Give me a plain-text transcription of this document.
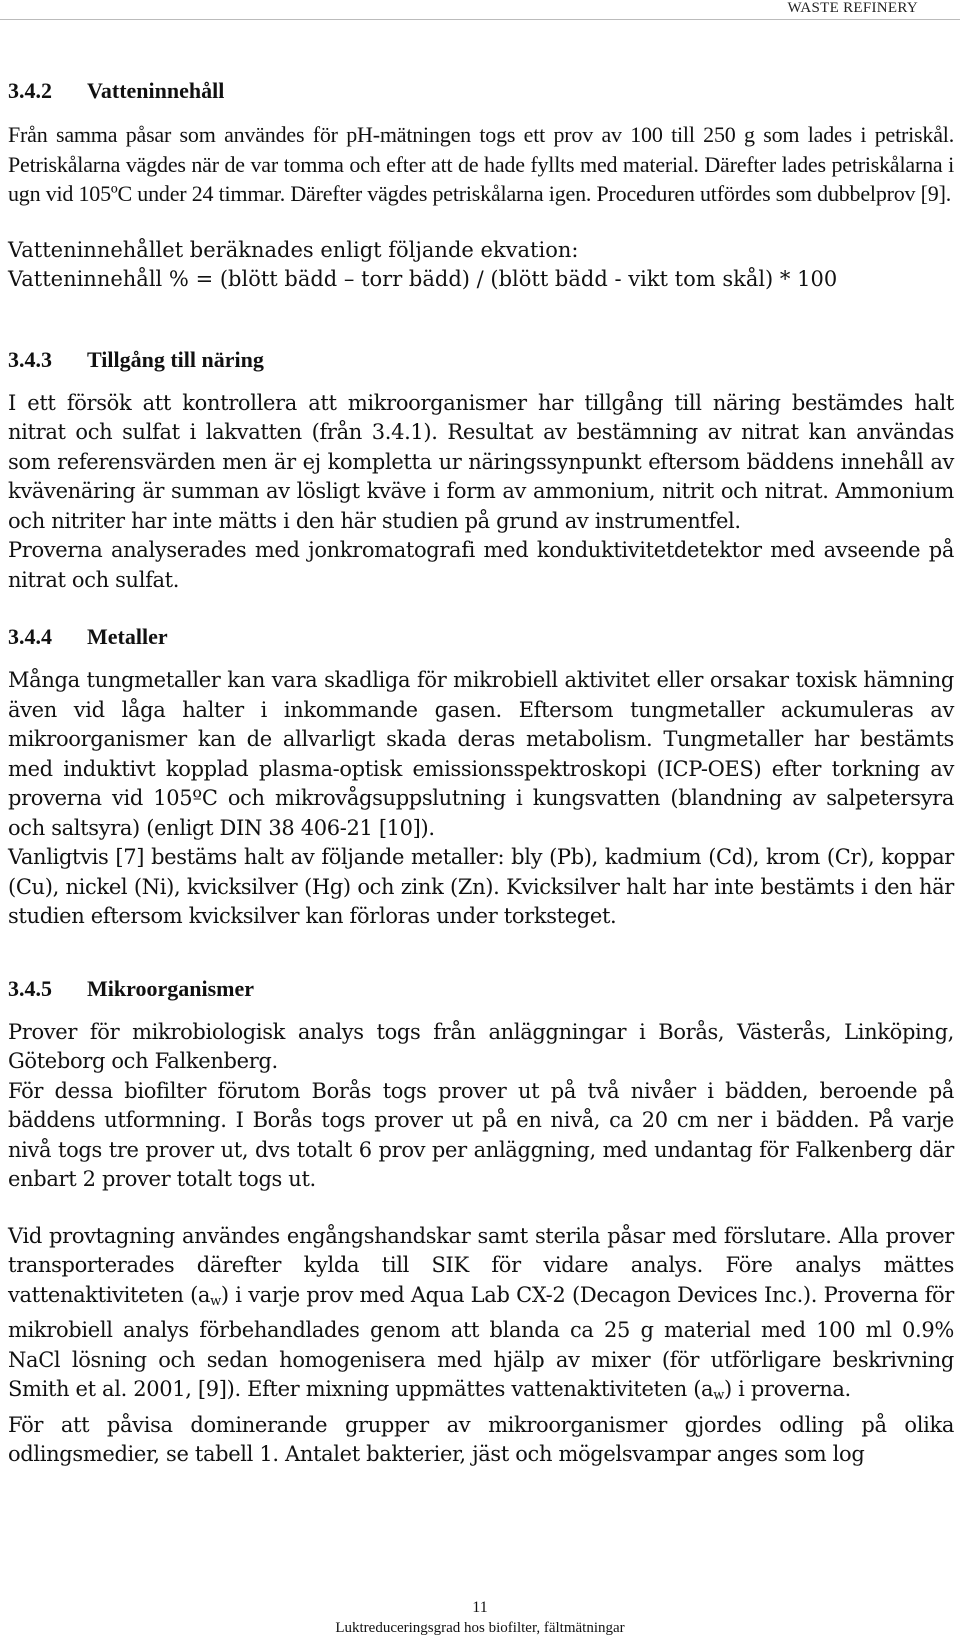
WASTE REFINERY
3.4.2 Vatteninnehåll

Från samma påsar som användes för pH-mätningen togs ett prov av 100 till 250 g som lades i petriskål. Petriskålarna vägdes när de var tomma och efter att de hade fyllts med material. Därefter lades petriskålarna i ugn vid 105ºC under 24 timmar. Därefter vägdes petriskålarna igen. Proceduren utfördes som dubbelprov [9].

Vatteninnehållet beräknades enligt följande ekvation:

Vatteninnehåll % = (blött bädd – torr bädd) / (blött bädd - vikt tom skål) * 100

3.4.3 Tillgång till näring

I ett försök att kontrollera att mikroorganismer har tillgång till näring bestämdes halt nitrat och sulfat i lakvatten (från 3.4.1). Resultat av bestämning av nitrat kan användas som referensvärden men är ej kompletta ur näringssynpunkt eftersom bäddens innehåll av kvävenäring är summan av lösligt kväve i form av ammonium, nitrit och nitrat. Ammonium och nitriter har inte mätts i den här studien på grund av instrumentfel.

Proverna analyserades med jonkromatografi med konduktivitetdetektor med avseende på nitrat och sulfat.

3.4.4 Metaller

Många tungmetaller kan vara skadliga för mikrobiell aktivitet eller orsakar toxisk hämning även vid låga halter i inkommande gasen. Eftersom tungmetaller ackumuleras av mikroorganismer kan de allvarligt skada deras metabolism. Tungmetaller har bestämts med induktivt kopplad plasma-optisk emissionsspektroskopi (ICP-OES) efter torkning av proverna vid 105ºC och mikrovågsuppslutning i kungsvatten (blandning av salpetersyra och saltsyra) (enligt DIN 38 406-21 [10]).

Vanligtvis [7] bestäms halt av följande metaller: bly (Pb), kadmium (Cd), krom (Cr), koppar (Cu), nickel (Ni), kvicksilver (Hg) och zink (Zn). Kvicksilver halt har inte bestämts i den här studien eftersom kvicksilver kan förloras under torksteget.

3.4.5 Mikroorganismer

Prover för mikrobiologisk analys togs från anläggningar i Borås, Västerås, Linköping, Göteborg och Falkenberg.

För dessa biofilter förutom Borås togs prover ut på två nivåer i bädden, beroende på bäddens utformning. I Borås togs prover ut på en nivå, ca 20 cm ner i bädden. På varje nivå togs tre prover ut, dvs totalt 6 prov per anläggning, med undantag för Falkenberg där enbart 2 prover totalt togs ut.

Vid provtagning användes engångshandskar samt sterila påsar med förslutare. Alla prover transporterades därefter kylda till SIK för vidare analys. Före analys mättes vattenaktiviteten $(a_w)$ i varje prov med Aqua Lab CX-2 (Decagon Devices Inc.). Proverna för mikrobiell analys förbehandlades genom att blanda ca 25 g material med 100 ml 0.9% NaCl lösning och sedan homogenisera med hjälp av mixer (för utförligare beskrivning Smith et al. 2001, [9]). Efter mixning uppmättes vattenaktiviteten $(a_w)$ i proverna.

För att påvisa dominerande grupper av mikroorganismer gjordes odling på olika odlingsmedier, se tabell 1. Antalet bakterier, jäst och mögelsvampar anges som log

11
Luktreduceringsgrad hos biofilter, fältmätningar
